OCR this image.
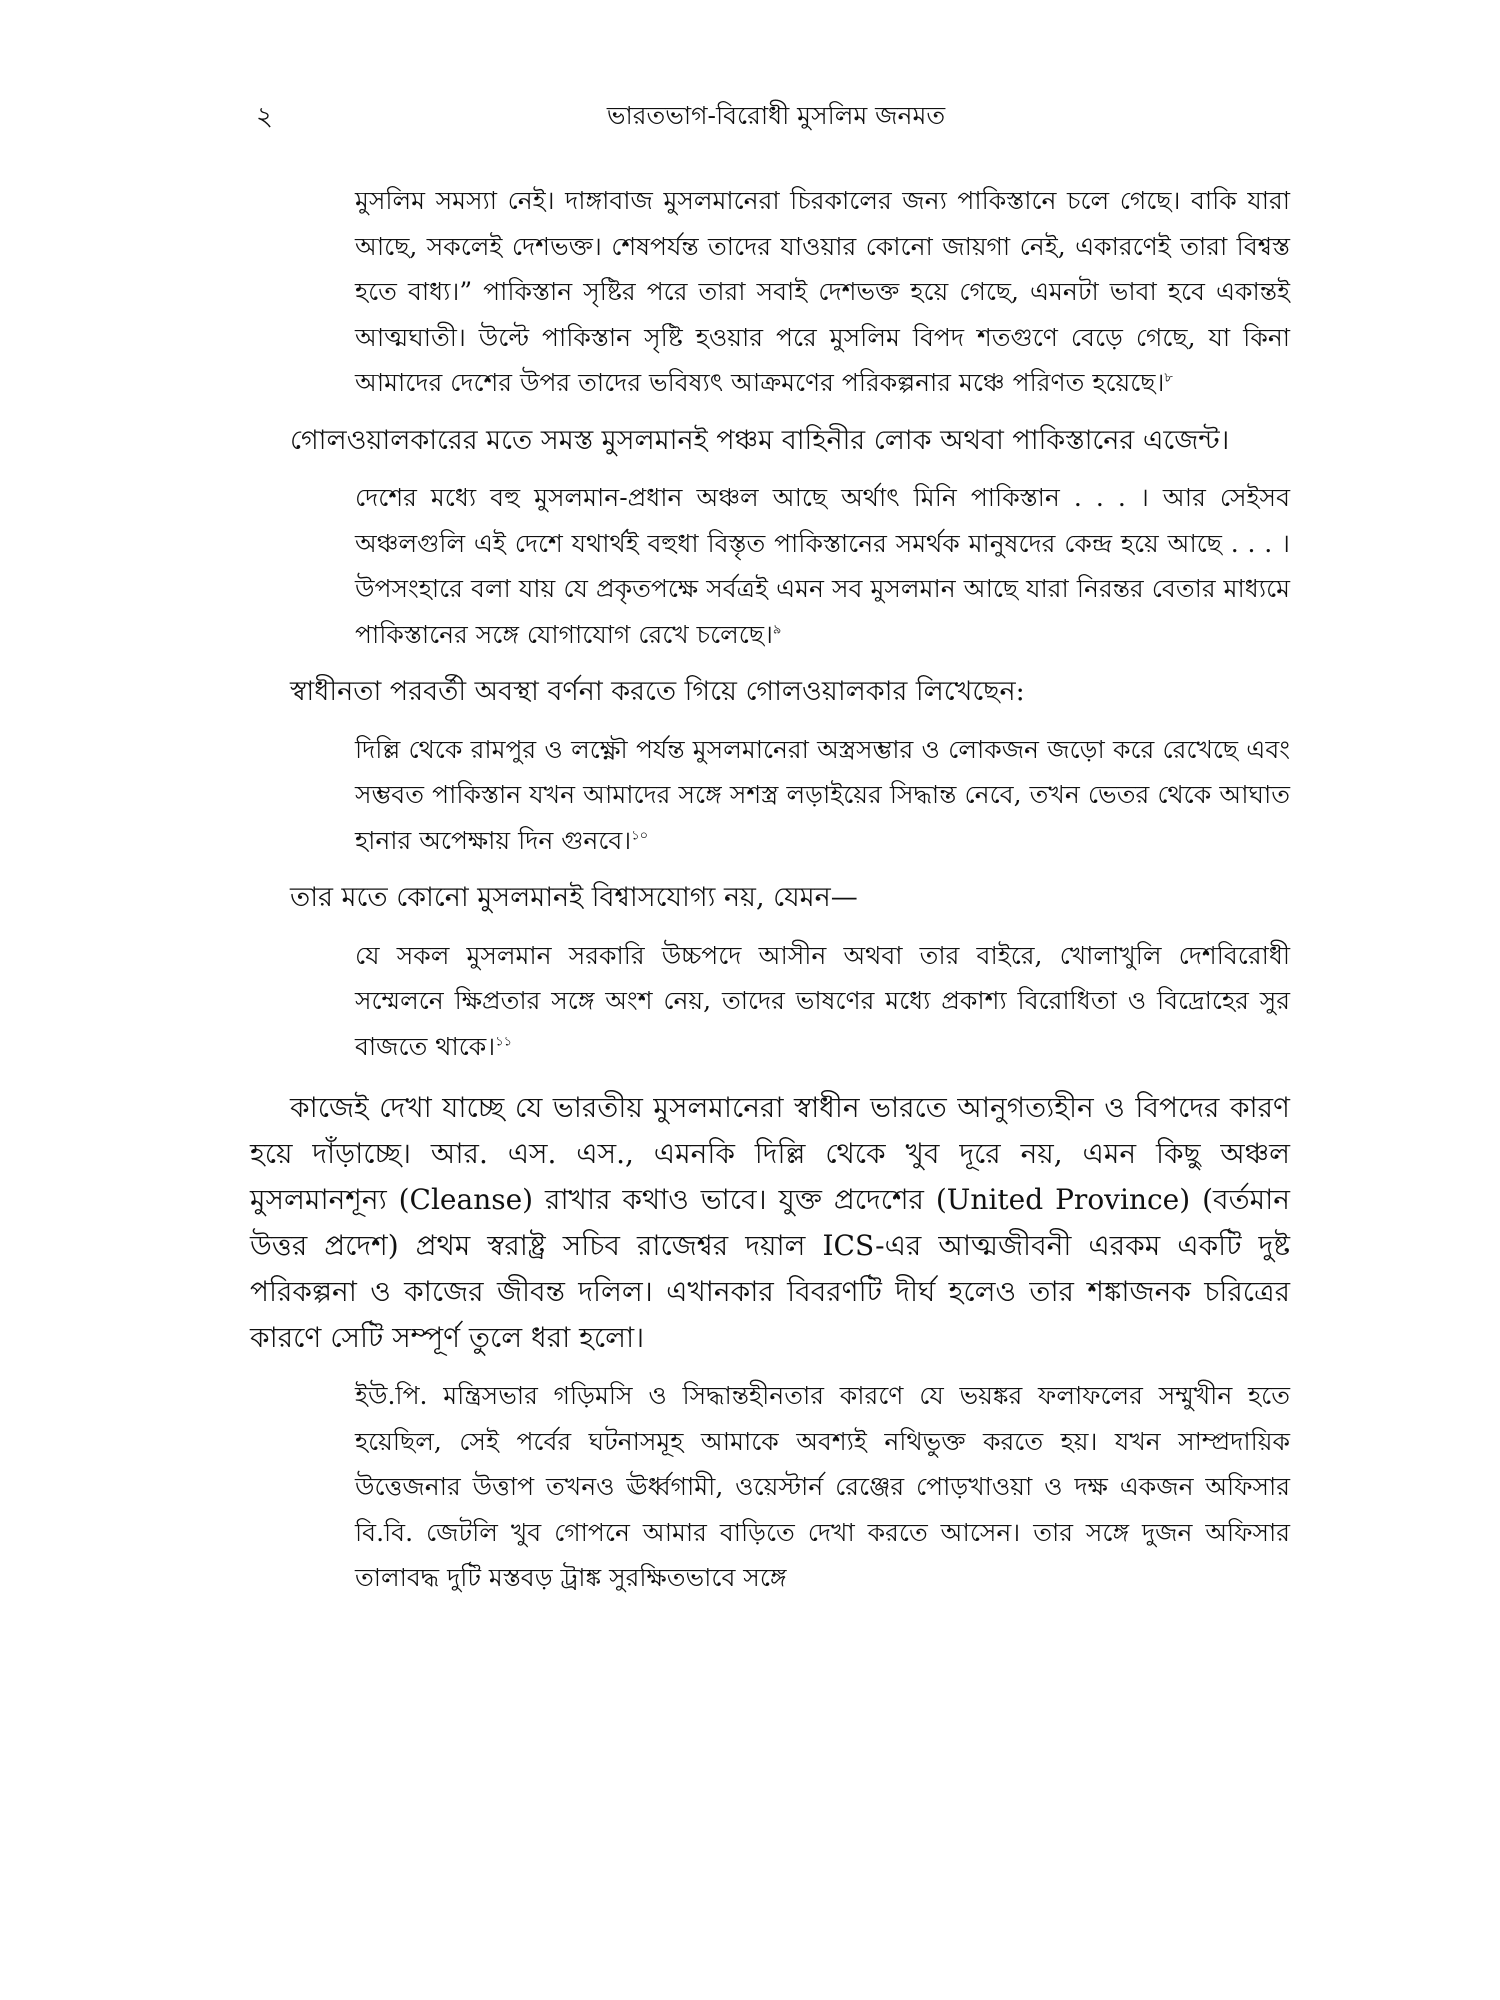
২	ভারতভাগ-বিরোধী মুসলিম জনমত

মুসলিম সমস্যা নেই। দাঙ্গাবাজ মুসলমানেরা চিরকালের জন্য পাকিস্তানে চলে গেছে। বাকি যারা আছে, সকলেই দেশভক্ত। শেষপর্যন্ত তাদের যাওয়ার কোনো জায়গা নেই, একারণেই তারা বিশ্বস্ত হতে বাধ্য।” পাকিস্তান সৃষ্টির পরে তারা সবাই দেশভক্ত হয়ে গেছে, এমনটা ভাবা হবে একান্তই আত্মঘাতী। উল্টে পাকিস্তান সৃষ্টি হওয়ার পরে মুসলিম বিপদ শতগুণে বেড়ে গেছে, যা কিনা আমাদের দেশের উপর তাদের ভবিষ্যৎ আক্রমণের পরিকল্পনার মঞ্চে পরিণত হয়েছে।$^৮$

গোলওয়ালকারের মতে সমস্ত মুসলমানই পঞ্চম বাহিনীর লোক অথবা পাকিস্তানের এজেন্ট।

দেশের মধ্যে বহু মুসলমান-প্রধান অঞ্চল আছে অর্থাৎ মিনি পাকিস্তান . . . । আর সেইসব অঞ্চলগুলি এই দেশে যথার্থই বহুধা বিস্তৃত পাকিস্তানের সমর্থক মানুষদের কেন্দ্র হয়ে আছে . . . । উপসংহারে বলা যায় যে প্রকৃতপক্ষে সর্বত্রই এমন সব মুসলমান আছে যারা নিরন্তর বেতার মাধ্যমে পাকিস্তানের সঙ্গে যোগাযোগ রেখে চলেছে।$^৯$

স্বাধীনতা পরবর্তী অবস্থা বর্ণনা করতে গিয়ে গোলওয়ালকার লিখেছেন:

দিল্লি থেকে রামপুর ও লক্ষ্ণৌ পর্যন্ত মুসলমানেরা অস্ত্রসম্ভার ও লোকজন জড়ো করে রেখেছে এবং সম্ভবত পাকিস্তান যখন আমাদের সঙ্গে সশস্ত্র লড়াইয়ের সিদ্ধান্ত নেবে, তখন ভেতর থেকে আঘাত হানার অপেক্ষায় দিন গুনবে।$^{১০}$

তার মতে কোনো মুসলমানই বিশ্বাসযোগ্য নয়, যেমন—

যে সকল মুসলমান সরকারি উচ্চপদে আসীন অথবা তার বাইরে, খোলাখুলি দেশবিরোধী সম্মেলনে ক্ষিপ্রতার সঙ্গে অংশ নেয়, তাদের ভাষণের মধ্যে প্রকাশ্য বিরোধিতা ও বিদ্রোহের সুর বাজতে থাকে।$^{১১}$

কাজেই দেখা যাচ্ছে যে ভারতীয় মুসলমানেরা স্বাধীন ভারতে আনুগত্যহীন ও বিপদের কারণ হয়ে দাঁড়াচ্ছে। আর. এস. এস., এমনকি দিল্লি থেকে খুব দূরে নয়, এমন কিছু অঞ্চল মুসলমানশূন্য (Cleanse) রাখার কথাও ভাবে। যুক্ত প্রদেশের (United Province) (বর্তমান উত্তর প্রদেশ) প্রথম স্বরাষ্ট্র সচিব রাজেশ্বর দয়াল ICS-এর আত্মজীবনী এরকম একটি দুষ্ট পরিকল্পনা ও কাজের জীবন্ত দলিল। এখানকার বিবরণটি দীর্ঘ হলেও তার শঙ্কাজনক চরিত্রের কারণে সেটি সম্পূর্ণ তুলে ধরা হলো।

ইউ.পি. মন্ত্রিসভার গড়িমসি ও সিদ্ধান্তহীনতার কারণে যে ভয়ঙ্কর ফলাফলের সম্মুখীন হতে হয়েছিল, সেই পর্বের ঘটনাসমূহ আমাকে অবশ্যই নথিভুক্ত করতে হয়। যখন সাম্প্রদায়িক উত্তেজনার উত্তাপ তখনও ঊর্ধ্বগামী, ওয়েস্টার্ন রেঞ্জের পোড়খাওয়া ও দক্ষ একজন অফিসার বি.বি. জেটলি খুব গোপনে আমার বাড়িতে দেখা করতে আসেন। তার সঙ্গে দুজন অফিসার তালাবদ্ধ দুটি মস্তবড় ট্রাঙ্ক সুরক্ষিতভাবে সঙ্গে
